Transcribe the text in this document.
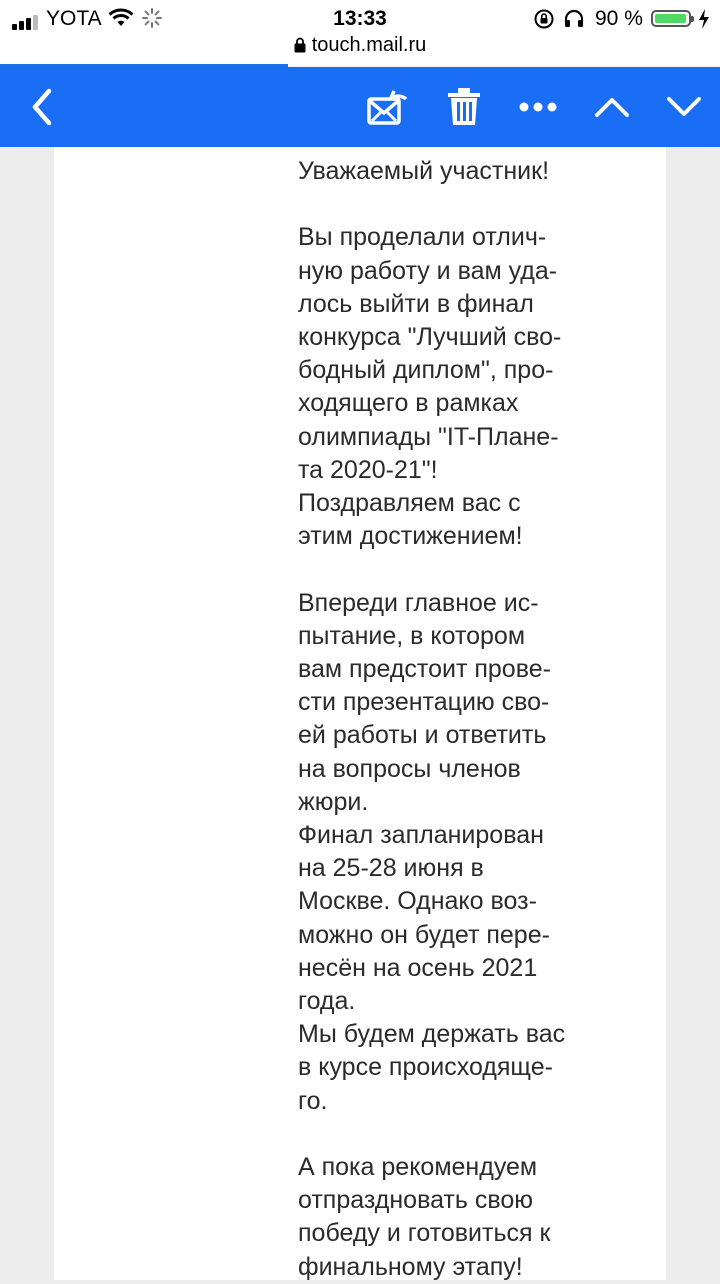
YOTA	13:33	90 %
touch.mail.ru

Уважаемый участник!

Вы проделали отлич-
ную работу и вам уда-
лось выйти в финал
конкурса "Лучший сво-
бодный диплом", про-
ходящего в рамках
олимпиады "IT-Плане-
та 2020-21"!
Поздравляем вас с
этим достижением!

Впереди главное ис-
пытание, в котором
вам предстоит прове-
сти презентацию сво-
ей работы и ответить
на вопросы членов
жюри.
Финал запланирован
на 25-28 июня в
Москве. Однако воз-
можно он будет пере-
несён на осень 2021
года.
Мы будем держать вас
в курсе происходяще-
го.

А пока рекомендуем
отпраздновать свою
победу и готовиться к
финальному этапу!
